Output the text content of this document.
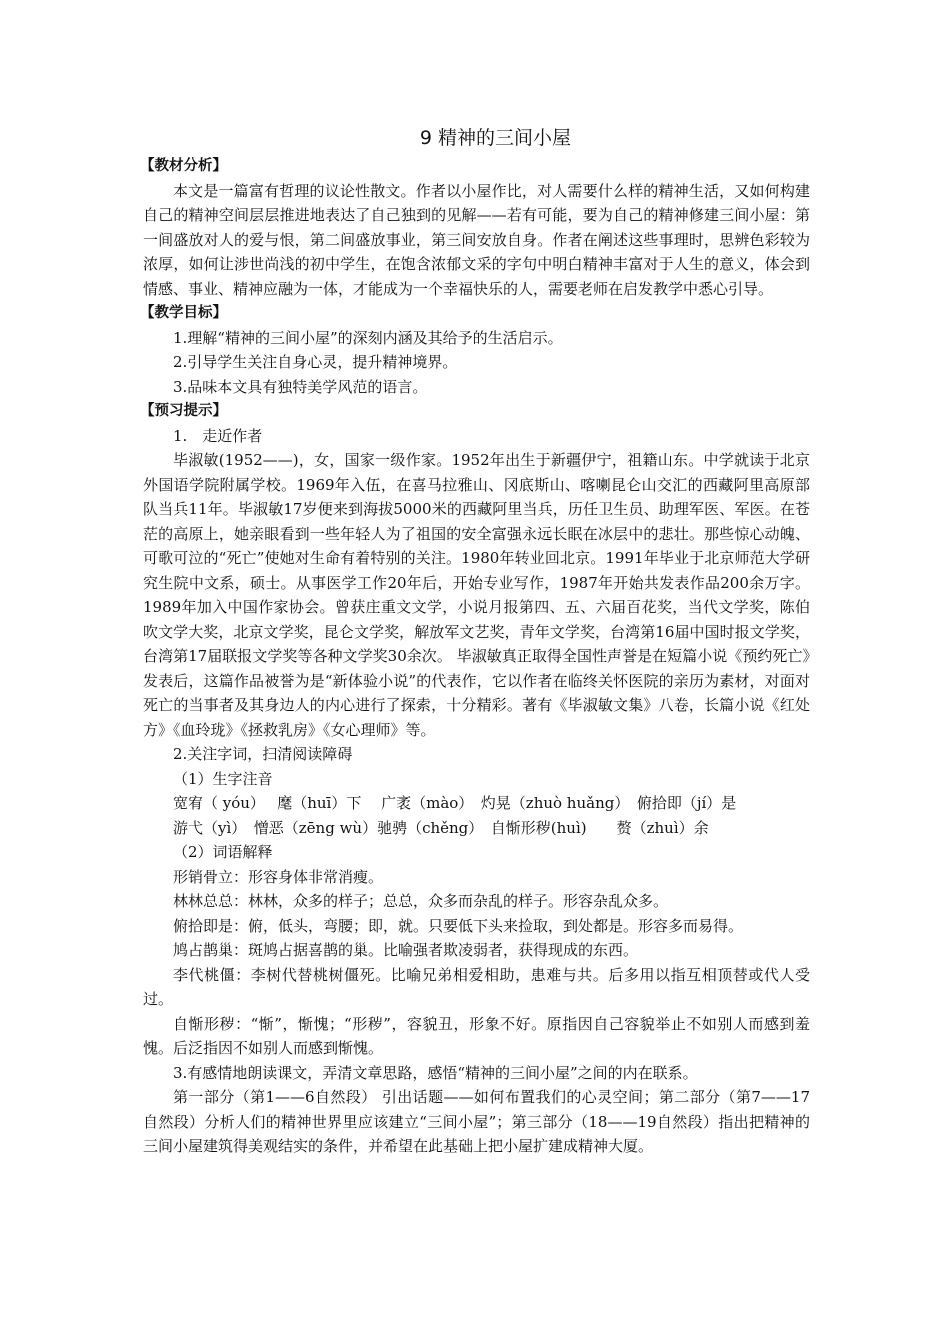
9 精神的三间小屋
【教材分析】

本文是一篇富有哲理的议论性散文。作者以小屋作比，对人需要什么样的精神生活，又如何构建自己的精神空间层层推进地表达了自己独到的见解——若有可能，要为自己的精神修建三间小屋：第一间盛放对人的爱与恨，第二间盛放事业，第三间安放自身。作者在阐述这些事理时，思辨色彩较为浓厚，如何让涉世尚浅的初中学生，在饱含浓郁文采的字句中明白精神丰富对于人生的意义，体会到情感、事业、精神应融为一体，才能成为一个幸福快乐的人，需要老师在启发教学中悉心引导。

【教学目标】

1.理解“精神的三间小屋”的深刻内涵及其给予的生活启示。

2.引导学生关注自身心灵，提升精神境界。

3.品味本文具有独特美学风范的语言。

【预习提示】

1.　走近作者

毕淑敏(1952——)，女，国家一级作家。1952年出生于新疆伊宁，祖籍山东。中学就读于北京外国语学院附属学校。1969年入伍，在喜马拉雅山、冈底斯山、喀喇昆仑山交汇的西藏阿里高原部队当兵11年。毕淑敏17岁便来到海拔5000米的西藏阿里当兵，历任卫生员、助理军医、军医。在苍茫的高原上，她亲眼看到一些年轻人为了祖国的安全富强永远长眠在冰层中的悲壮。那些惊心动魄、可歌可泣的“死亡”使她对生命有着特别的关注。1980年转业回北京。1991年毕业于北京师范大学研究生院中文系，硕士。从事医学工作20年后，开始专业写作，1987年开始共发表作品200余万字。1989年加入中国作家协会。曾获庄重文文学，小说月报第四、五、六届百花奖，当代文学奖，陈伯吹文学大奖，北京文学奖，昆仑文学奖，解放军文艺奖，青年文学奖，台湾第16届中国时报文学奖，台湾第17届联报文学奖等各种文学奖30余次。 毕淑敏真正取得全国性声誉是在短篇小说《预约死亡》发表后，这篇作品被誉为是“新体验小说”的代表作，它以作者在临终关怀医院的亲历为素材，对面对死亡的当事者及其身边人的内心进行了探索，十分精彩。著有《毕淑敏文集》八卷，长篇小说《红处方》《血玲珑》《拯救乳房》《女心理师》等。

2.关注字词，扫清阅读障碍

（1）生字注音

宽宥（ yóu）　 麾（huī）下　 广袤（mào）　灼晃（zhuò huǎng）　俯拾即（jí）是

游弋（yì）　憎恶（zēng wù）驰骋（chěng）　自惭形秽(huì)　　赘（zhuì）余

（2）词语解释

形销骨立：形容身体非常消瘦。

林林总总：林林，众多的样子；总总，众多而杂乱的样子。形容杂乱众多。

俯拾即是：俯，低头，弯腰；即，就。只要低下头来捡取，到处都是。形容多而易得。

鸠占鹊巢：斑鸠占据喜鹊的巢。比喻强者欺凌弱者，获得现成的东西。

李代桃僵：李树代替桃树僵死。比喻兄弟相爱相助，患难与共。后多用以指互相顶替或代人受过。

自惭形秽：“惭”，惭愧；“形秽”，容貌丑，形象不好。原指因自己容貌举止不如别人而感到羞愧。后泛指因不如别人而感到惭愧。

3.有感情地朗读课文，弄清文章思路，感悟“精神的三间小屋”之间的内在联系。

第一部分（第1——6自然段） 引出话题——如何布置我们的心灵空间；第二部分（第7——17自然段）分析人们的精神世界里应该建立“三间小屋”；第三部分（18——19自然段）指出把精神的三间小屋建筑得美观结实的条件，并希望在此基础上把小屋扩建成精神大厦。
